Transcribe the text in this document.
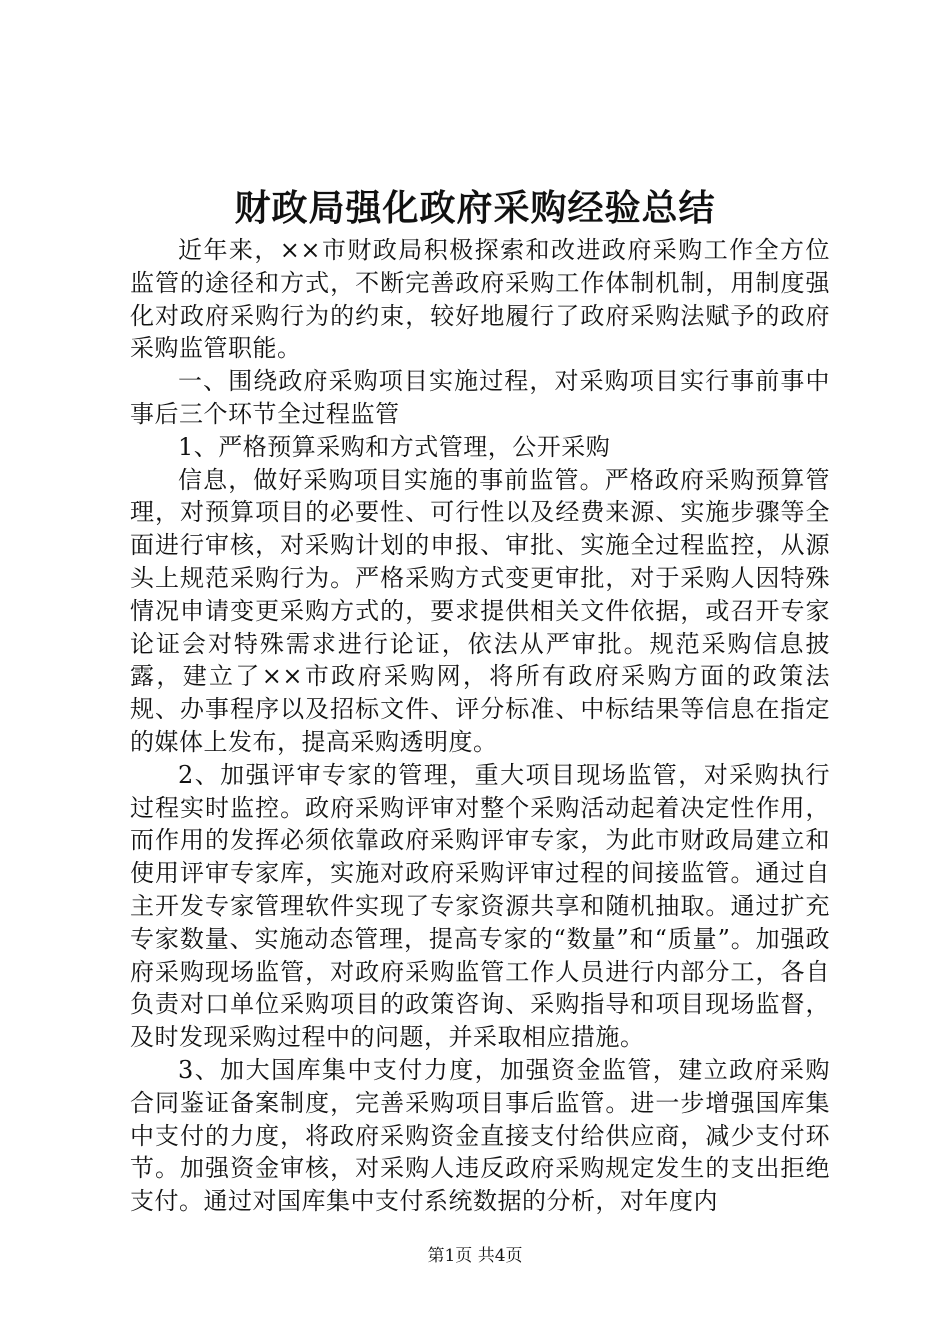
财政局强化政府采购经验总结

近年来，××市财政局积极探索和改进政府采购工作全方位监管的途径和方式，不断完善政府采购工作体制机制，用制度强化对政府采购行为的约束，较好地履行了政府采购法赋予的政府采购监管职能。

一、围绕政府采购项目实施过程，对采购项目实行事前事中事后三个环节全过程监管

1、严格预算采购和方式管理，公开采购

信息，做好采购项目实施的事前监管。严格政府采购预算管理，对预算项目的必要性、可行性以及经费来源、实施步骤等全面进行审核，对采购计划的申报、审批、实施全过程监控，从源头上规范采购行为。严格采购方式变更审批，对于采购人因特殊情况申请变更采购方式的，要求提供相关文件依据，或召开专家论证会对特殊需求进行论证，依法从严审批。规范采购信息披露，建立了××市政府采购网，将所有政府采购方面的政策法规、办事程序以及招标文件、评分标准、中标结果等信息在指定的媒体上发布，提高采购透明度。

2、加强评审专家的管理，重大项目现场监管，对采购执行过程实时监控。政府采购评审对整个采购活动起着决定性作用，而作用的发挥必须依靠政府采购评审专家，为此市财政局建立和使用评审专家库，实施对政府采购评审过程的间接监管。通过自主开发专家管理软件实现了专家资源共享和随机抽取。通过扩充专家数量、实施动态管理，提高专家的“数量”和“质量”。加强政府采购现场监管，对政府采购监管工作人员进行内部分工，各自负责对口单位采购项目的政策咨询、采购指导和项目现场监督，及时发现采购过程中的问题，并采取相应措施。

3、加大国库集中支付力度，加强资金监管，建立政府采购合同鉴证备案制度，完善采购项目事后监管。进一步增强国库集中支付的力度，将政府采购资金直接支付给供应商，减少支付环节。加强资金审核，对采购人违反政府采购规定发生的支出拒绝支付。通过对国库集中支付系统数据的分析，对年度内

第1页 共4页
